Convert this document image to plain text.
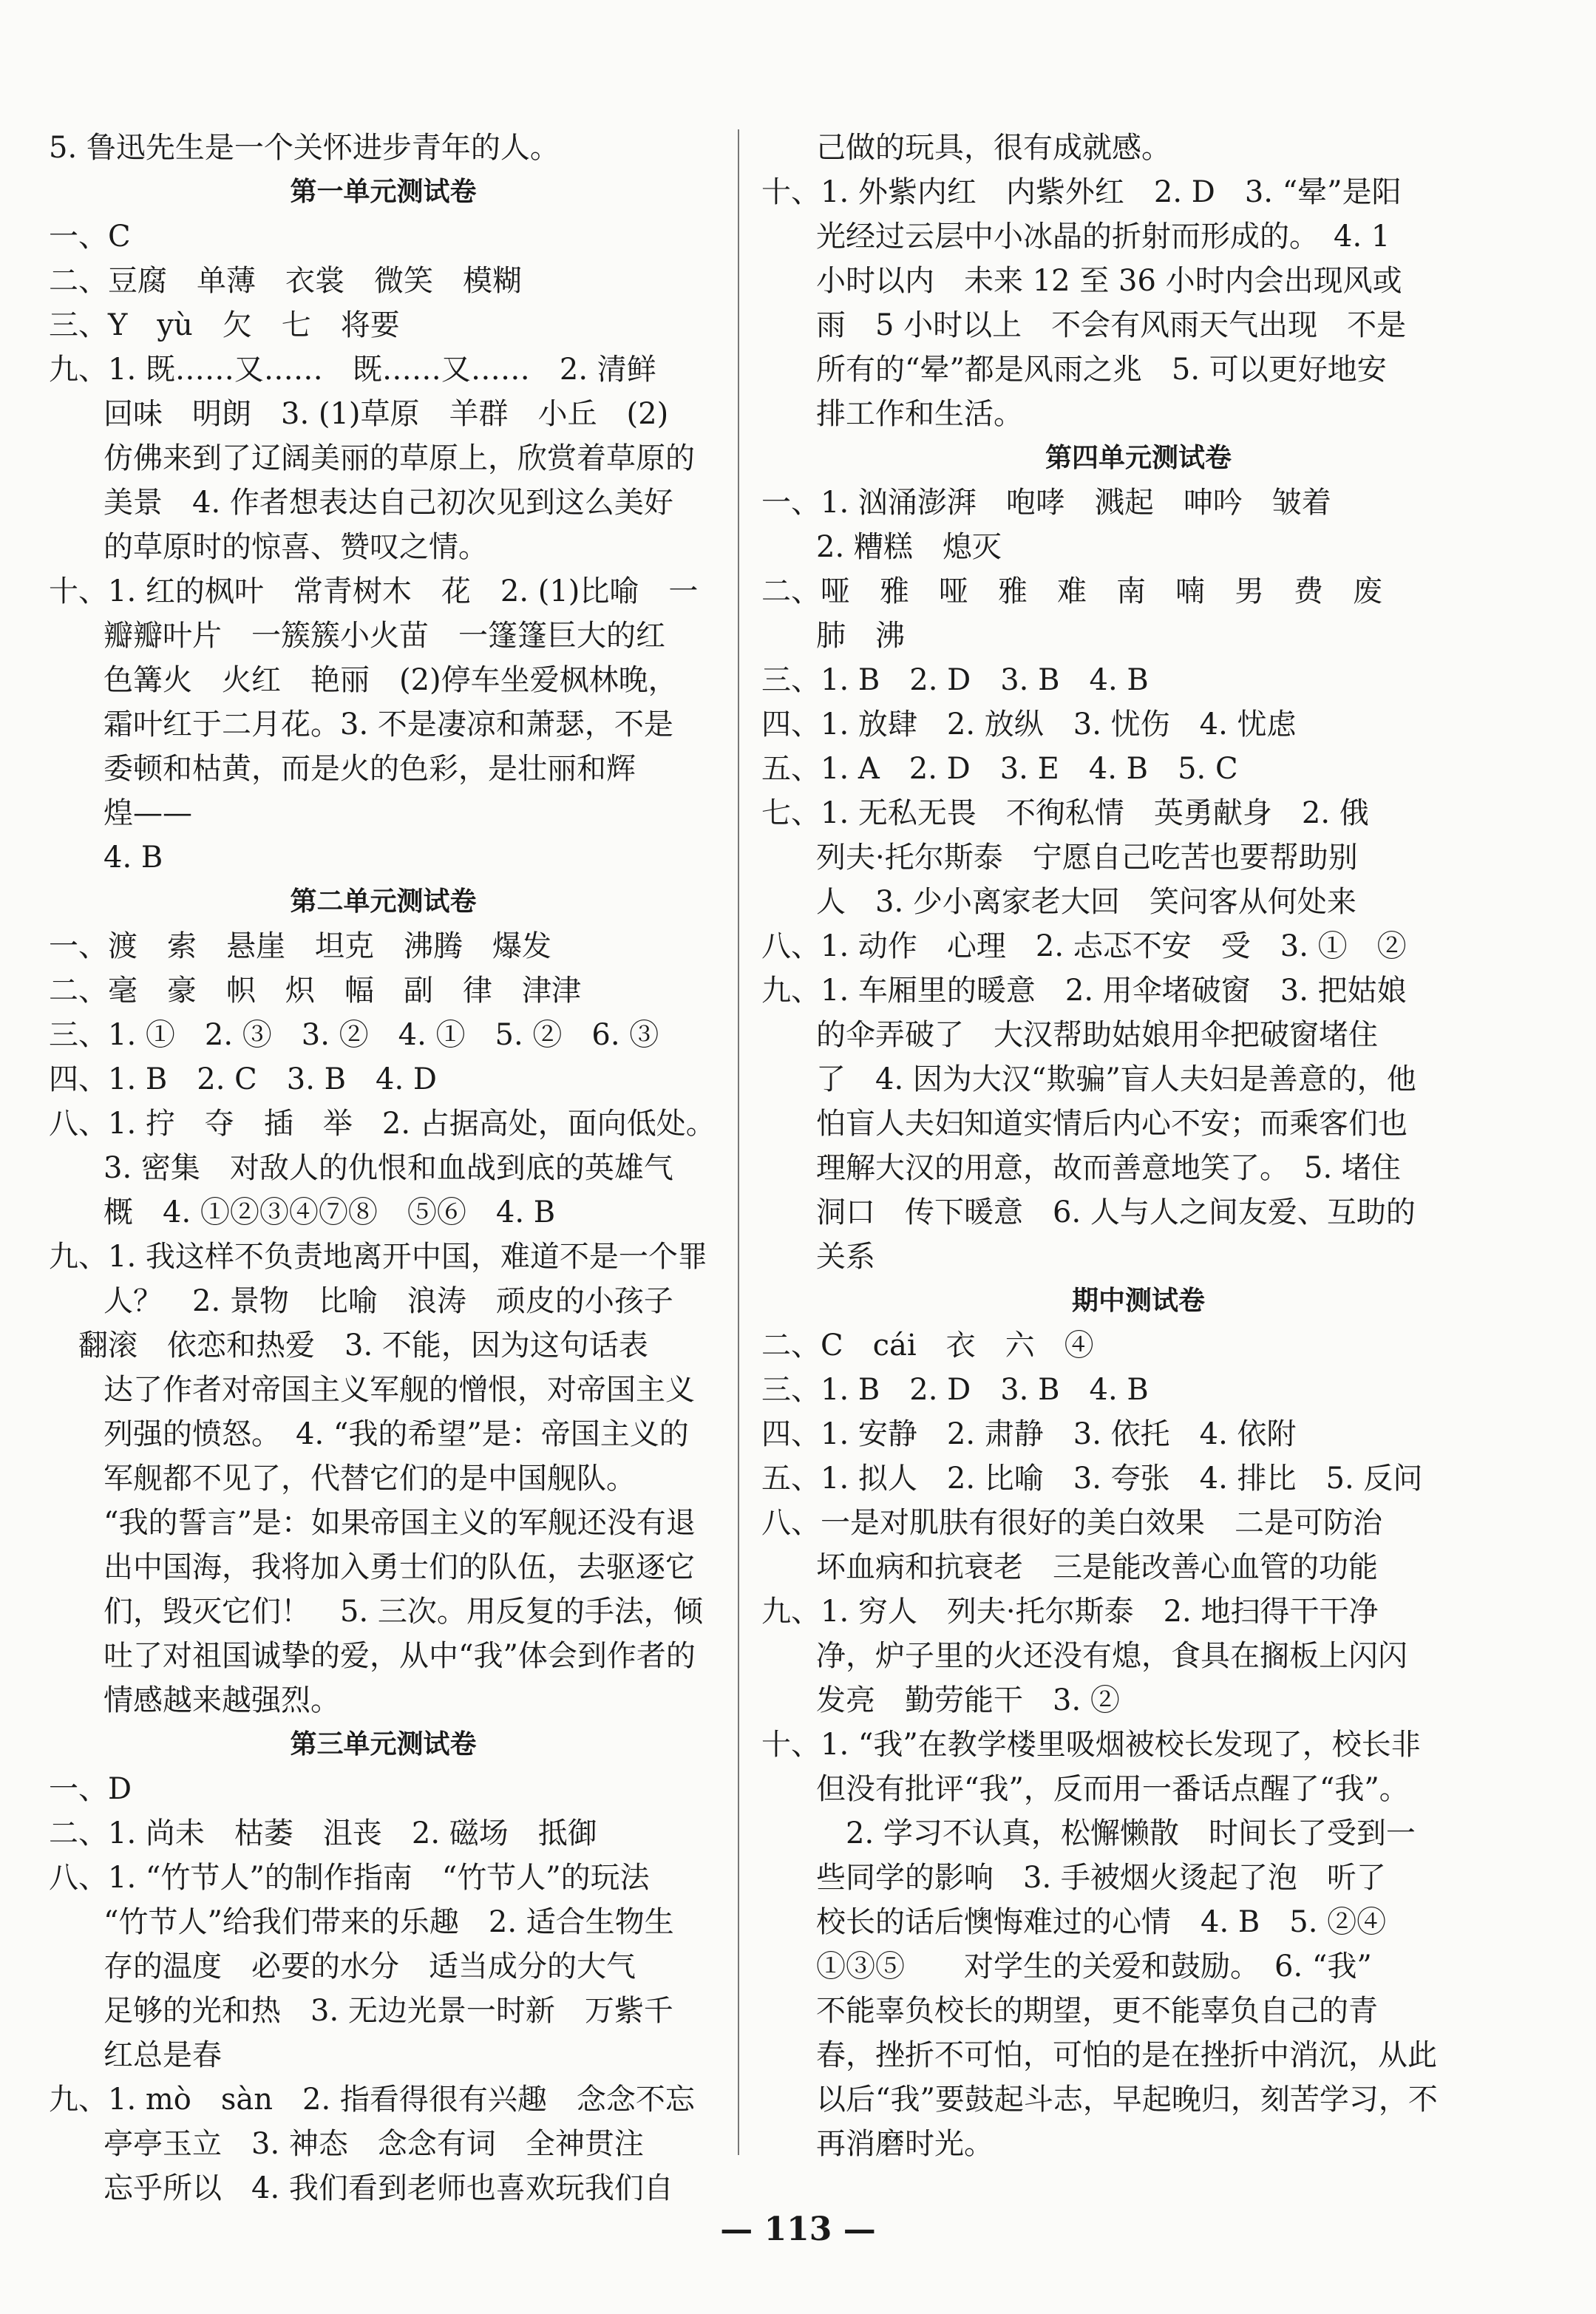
5. 鲁迅先生是一个关怀进步青年的人。
第一单元测试卷
一、C
二、豆腐　单薄　衣裳　微笑　模糊
三、Y　yù　欠　七　将要
九、1. 既……又……　既……又……　2. 清鲜
回味　明朗　3. (1)草原　羊群　小丘　(2)
仿佛来到了辽阔美丽的草原上，欣赏着草原的
美景　4. 作者想表达自己初次见到这么美好
的草原时的惊喜、赞叹之情。
十、1. 红的枫叶　常青树木　花　2. (1)比喻　一
瓣瓣叶片　一簇簇小火苗　一篷篷巨大的红
色篝火　火红　艳丽　(2)停车坐爱枫林晚，
霜叶红于二月花。3. 不是凄凉和萧瑟，不是
委顿和枯黄，而是火的色彩，是壮丽和辉
煌——
4. B
第二单元测试卷
一、渡　索　悬崖　坦克　沸腾　爆发
二、毫　豪　帜　炽　幅　副　律　津津
三、1. ①　2. ③　3. ②　4. ①　5. ②　6. ③
四、1. B　2. C　3. B　4. D
八、1. 拧　夺　插　举　2. 占据高处，面向低处。
3. 密集　对敌人的仇恨和血战到底的英雄气
概　4. ①②③④⑦⑧　⑤⑥　4. B
九、1. 我这样不负责地离开中国，难道不是一个罪
人？　2. 景物　比喻　浪涛　顽皮的小孩子
翻滚　依恋和热爱　3. 不能，因为这句话表
达了作者对帝国主义军舰的憎恨，对帝国主义
列强的愤怒。　4. “我的希望”是：帝国主义的
军舰都不见了，代替它们的是中国舰队。
“我的誓言”是：如果帝国主义的军舰还没有退
出中国海，我将加入勇士们的队伍，去驱逐它
们，毁灭它们！　5. 三次。用反复的手法，倾
吐了对祖国诚挚的爱，从中“我”体会到作者的
情感越来越强烈。
第三单元测试卷
一、D
二、1. 尚未　枯萎　沮丧　2. 磁场　抵御
八、1. “竹节人”的制作指南　“竹节人”的玩法
“竹节人”给我们带来的乐趣　2. 适合生物生
存的温度　必要的水分　适当成分的大气
足够的光和热　3. 无边光景一时新　万紫千
红总是春
九、1. mò　sàn　2. 指看得很有兴趣　念念不忘
亭亭玉立　3. 神态　念念有词　全神贯注
忘乎所以　4. 我们看到老师也喜欢玩我们自
己做的玩具，很有成就感。
十、1. 外紫内红　内紫外红　2. D　3. “晕”是阳
光经过云层中小冰晶的折射而形成的。　4. 1
小时以内　未来 12 至 36 小时内会出现风或
雨　5 小时以上　不会有风雨天气出现　不是
所有的“晕”都是风雨之兆　5. 可以更好地安
排工作和生活。
第四单元测试卷
一、1. 汹涌澎湃　咆哮　溅起　呻吟　皱着
2. 糟糕　熄灭
二、哑　雅　哑　雅　难　南　喃　男　费　废
肺　沸
三、1. B　2. D　3. B　4. B
四、1. 放肆　2. 放纵　3. 忧伤　4. 忧虑
五、1. A　2. D　3. E　4. B　5. C
七、1. 无私无畏　不徇私情　英勇献身　2. 俄
列夫·托尔斯泰　宁愿自己吃苦也要帮助别
人　3. 少小离家老大回　笑问客从何处来
八、1. 动作　心理　2. 忐忑不安　受　3. ①　②
九、1. 车厢里的暖意　2. 用伞堵破窗　3. 把姑娘
的伞弄破了　大汉帮助姑娘用伞把破窗堵住
了　4. 因为大汉“欺骗”盲人夫妇是善意的，他
怕盲人夫妇知道实情后内心不安；而乘客们也
理解大汉的用意，故而善意地笑了。　5. 堵住
洞口　传下暖意　6. 人与人之间友爱、互助的
关系
期中测试卷
二、C　cái　衣　六　④
三、1. B　2. D　3. B　4. B
四、1. 安静　2. 肃静　3. 依托　4. 依附
五、1. 拟人　2. 比喻　3. 夸张　4. 排比　5. 反问
八、一是对肌肤有很好的美白效果　二是可防治
坏血病和抗衰老　三是能改善心血管的功能
九、1. 穷人　列夫·托尔斯泰　2. 地扫得干干净
净，炉子里的火还没有熄，食具在搁板上闪闪
发亮　勤劳能干　3. ②
十、1. “我”在教学楼里吸烟被校长发现了，校长非
但没有批评“我”，反而用一番话点醒了“我”。
　2. 学习不认真，松懈懒散　时间长了受到一
些同学的影响　3. 手被烟火烫起了泡　听了
校长的话后懊悔难过的心情　4. B　5. ②④
①③⑤　　对学生的关爱和鼓励。　6. “我”
不能辜负校长的期望，更不能辜负自己的青
春，挫折不可怕，可怕的是在挫折中消沉，从此
以后“我”要鼓起斗志，早起晚归，刻苦学习，不
再消磨时光。
— 113 —
